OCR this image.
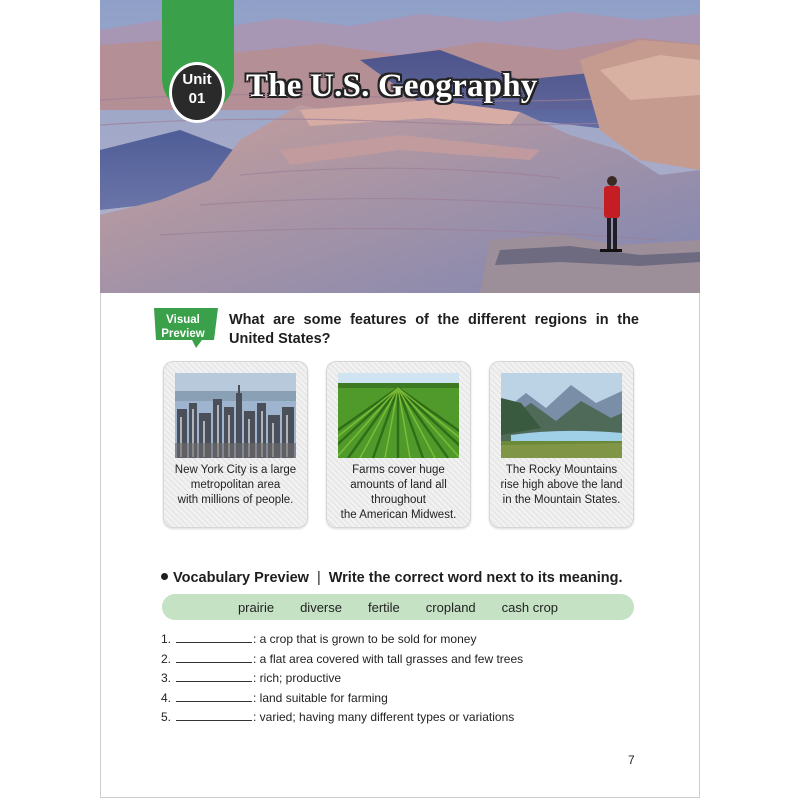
Unit
01	The U.S. Geography
Visual
Preview
What are some features of the different regions in the United States?
New York City is a large
metropolitan area
with millions of people.
Farms cover huge
amounts of land all
throughout
the American Midwest.
The Rocky Mountains
rise high above the land
in the Mountain States.
Vocabulary Preview | Write the correct word next to its meaning.
prairie diverse fertile cropland cash crop
1.	: a crop that is grown to be sold for money
2.	: a flat area covered with tall grasses and few trees
3.	: rich; productive
4.	: land suitable for farming
5.	: varied; having many different types or variations
7
